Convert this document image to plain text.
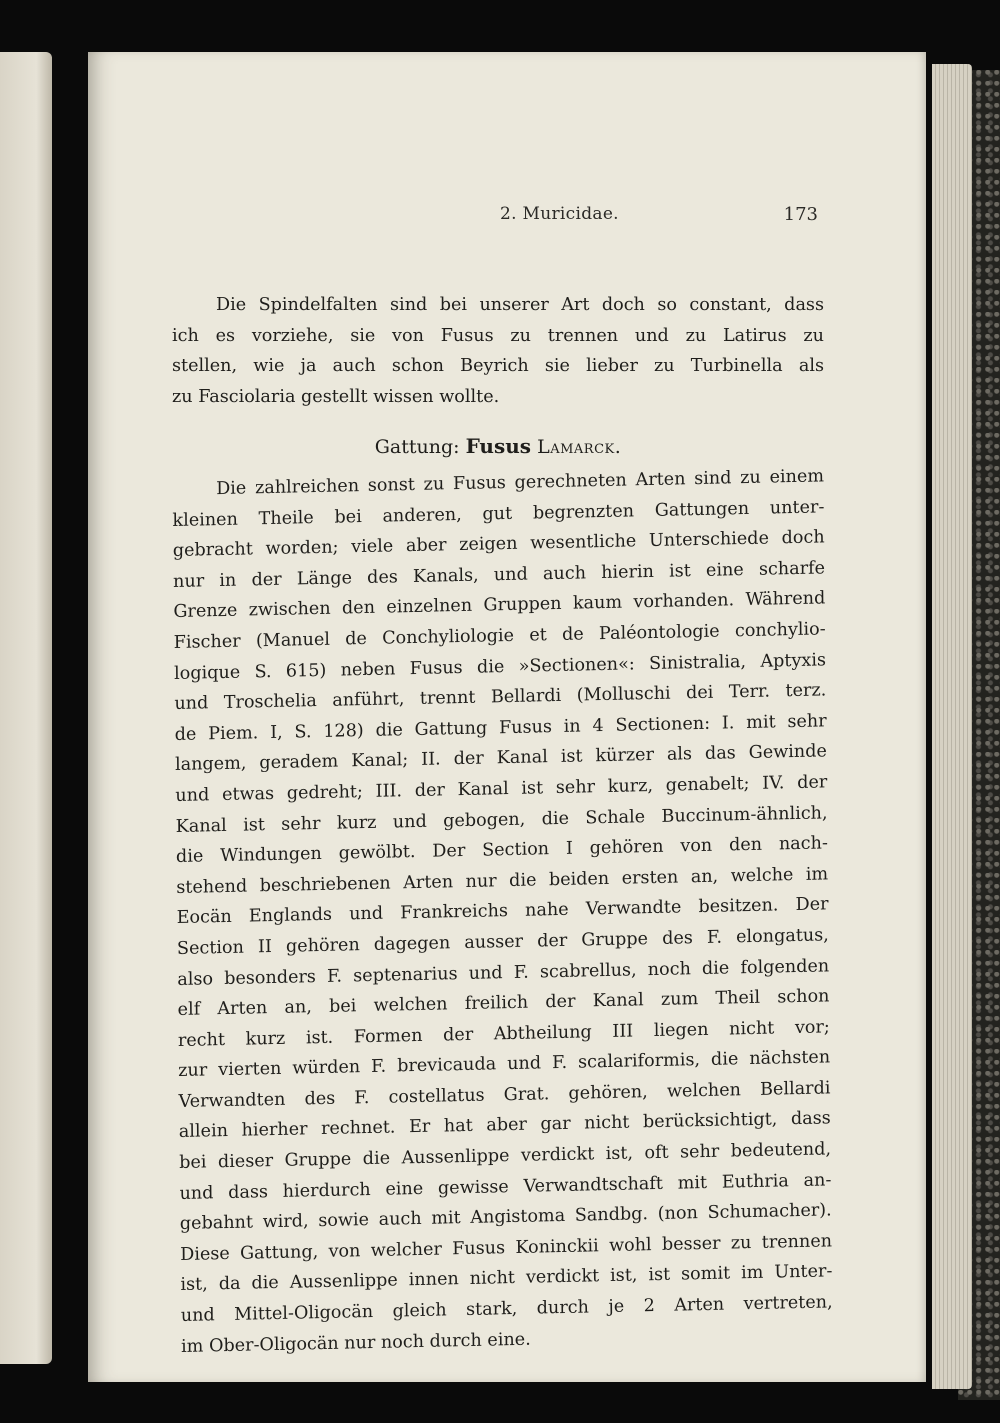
2. Muricidae.	173
Die Spindelfalten sind bei unserer Art doch so constant, dass
ich es vorziehe, sie von Fusus zu trennen und zu Latirus zu
stellen, wie ja auch schon Beyrich sie lieber zu Turbinella als
zu Fasciolaria gestellt wissen wollte.
Gattung: Fusus Lamarck.
Die zahlreichen sonst zu Fusus gerechneten Arten sind zu einem
kleinen Theile bei anderen, gut begrenzten Gattungen unter-
gebracht worden; viele aber zeigen wesentliche Unterschiede doch
nur in der Länge des Kanals, und auch hierin ist eine scharfe
Grenze zwischen den einzelnen Gruppen kaum vorhanden. Während
Fischer (Manuel de Conchyliologie et de Paléontologie conchylio-
logique S. 615) neben Fusus die »Sectionen«: Sinistralia, Aptyxis
und Troschelia anführt, trennt Bellardi (Molluschi dei Terr. terz.
de Piem. I, S. 128) die Gattung Fusus in 4 Sectionen: I. mit sehr
langem, geradem Kanal; II. der Kanal ist kürzer als das Gewinde
und etwas gedreht; III. der Kanal ist sehr kurz, genabelt; IV. der
Kanal ist sehr kurz und gebogen, die Schale Buccinum-ähnlich,
die Windungen gewölbt. Der Section I gehören von den nach-
stehend beschriebenen Arten nur die beiden ersten an, welche im
Eocän Englands und Frankreichs nahe Verwandte besitzen. Der
Section II gehören dagegen ausser der Gruppe des F. elongatus,
also besonders F. septenarius und F. scabrellus, noch die folgenden
elf Arten an, bei welchen freilich der Kanal zum Theil schon
recht kurz ist. Formen der Abtheilung III liegen nicht vor;
zur vierten würden F. brevicauda und F. scalariformis, die nächsten
Verwandten des F. costellatus Grat. gehören, welchen Bellardi
allein hierher rechnet. Er hat aber gar nicht berücksichtigt, dass
bei dieser Gruppe die Aussenlippe verdickt ist, oft sehr bedeutend,
und dass hierdurch eine gewisse Verwandtschaft mit Euthria an-
gebahnt wird, sowie auch mit Angistoma Sandbg. (non Schumacher).
Diese Gattung, von welcher Fusus Koninckii wohl besser zu trennen
ist, da die Aussenlippe innen nicht verdickt ist, ist somit im Unter-
und Mittel-Oligocän gleich stark, durch je 2 Arten vertreten,
im Ober-Oligocän nur noch durch eine.
